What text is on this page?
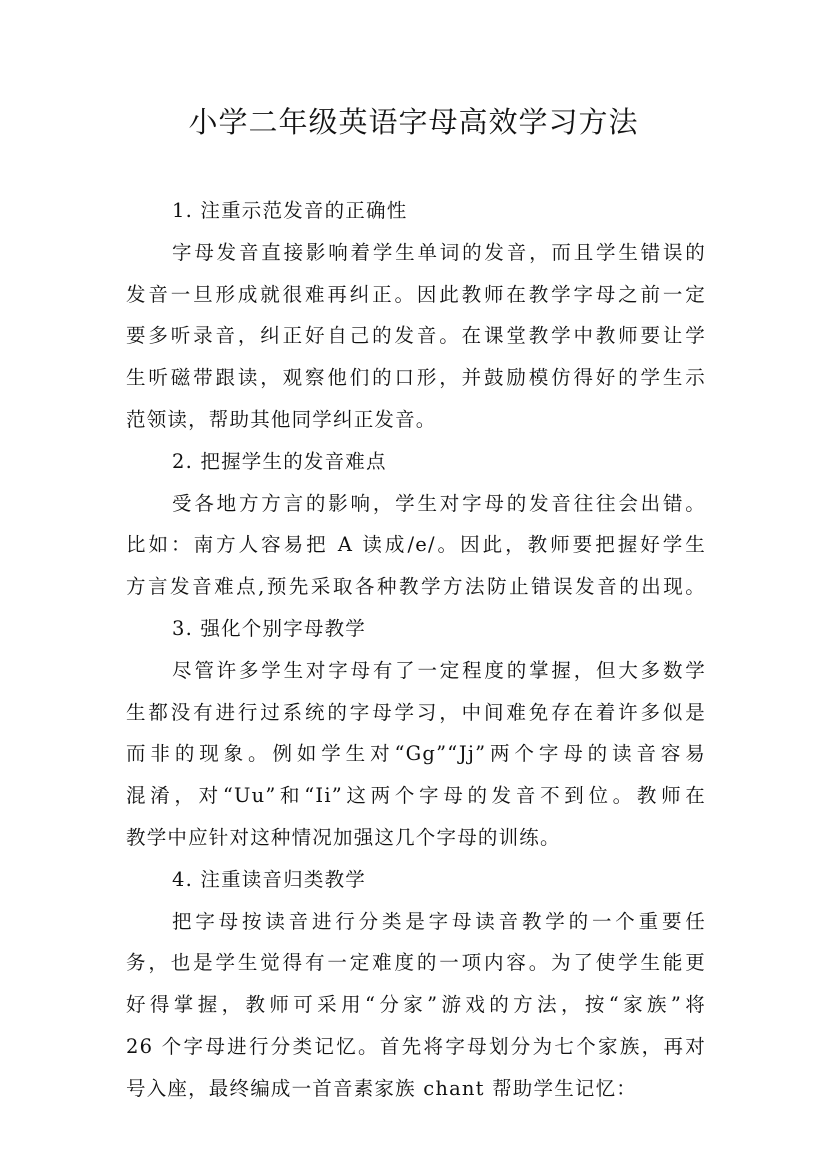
小学二年级英语字母高效学习方法
1. 注重示范发音的正确性
字母发音直接影响着学生单词的发音，而且学生错误的
发音一旦形成就很难再纠正。因此教师在教学字母之前一定
要多听录音，纠正好自己的发音。在课堂教学中教师要让学
生听磁带跟读，观察他们的口形，并鼓励模仿得好的学生示
范领读，帮助其他同学纠正发音。
2. 把握学生的发音难点
受各地方方言的影响，学生对字母的发音往往会出错。
比如：南方人容易把 A 读成/e/。因此，教师要把握好学生
方言发音难点,预先采取各种教学方法防止错误发音的出现。
3. 强化个别字母教学
尽管许多学生对字母有了一定程度的掌握，但大多数学
生都没有进行过系统的字母学习，中间难免存在着许多似是
而非的现象。例如学生对“Gg”“Jj”两个字母的读音容易
混淆，对“Uu”和“Ii”这两个字母的发音不到位。教师在
教学中应针对这种情况加强这几个字母的训练。
4. 注重读音归类教学
把字母按读音进行分类是字母读音教学的一个重要任
务，也是学生觉得有一定难度的一项内容。为了使学生能更
好得掌握，教师可采用“分家”游戏的方法，按“家族”将
26 个字母进行分类记忆。首先将字母划分为七个家族，再对
号入座，最终编成一首音素家族 chant 帮助学生记忆：
